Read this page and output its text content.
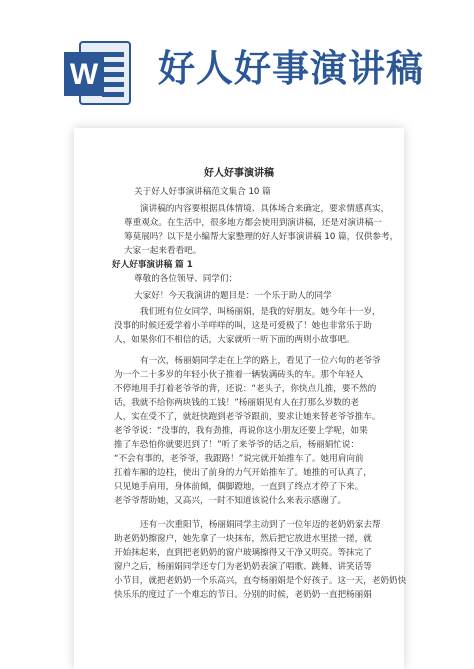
W 好人好事演讲稿
好人好事演讲稿
关于好人好事演讲稿范文集合 10 篇
演讲稿的内容要根据具体情境、具体场合来确定，要求情感真实，
尊重观众。在生活中，很多地方都会使用到演讲稿，还是对演讲稿一
筹莫展吗？以下是小编帮大家整理的好人好事演讲稿 10 篇，仅供参考，
大家一起来看看吧。
好人好事演讲稿 篇 1
尊敬的各位领导、同学们：
大家好！今天我演讲的题目是：一个乐于助人的同学
我们班有位女同学，叫杨丽娟，是我的好朋友。她今年十一岁，
没事的时候还爱学着小羊咩咩的叫，这是可爱极了！她也非常乐于助
人，如果你们不相信的话，大家就听一听下面的两则小故事吧。
有一次，杨丽娟同学走在上学的路上，看见了一位六旬的老爷爷
为一个二十多岁的年轻小伙子推着一辆装满砖头的车。那个年轻人
不停地用手打着老爷爷的背，还说：“老头子，你快点儿推，要不然的
话，我就不给你两块钱的工钱！”杨丽娟见有人在打那么岁数的老
人，实在受不了，就赶快跑到老爷爷跟前，要求让她来替老爷爷推车。
老爷爷说：“没事的，我有劲推，再说你这小朋友还要上学呢，如果
推了车恐怕你就要迟到了！”听了来爷爷的话之后，杨丽娟忙说：
“不会有事的，老爷爷，我跟路！”说完就开始推车了。她用肩向前
扛着车厢的边柱，使出了前身的力气开始推车了。她推的可认真了，
只见她手肩用，身体前倾，偶脚蹬地，一直到了终点才停了下来。
老爷爷帮助她，又高兴，一时不知道该说什么来表示感谢了。
还有一次重阳节，杨丽娟同学主动到了一位年迈的老奶奶家去帮
助老奶奶擦窗户，她先拿了一块抹布，然后把它放进水里搓一搓，就
开始抹起来，直到把老奶奶的窗户玻璃擦得又干净又明亮。等抹完了
窗户之后，杨丽娟同学还专门为老奶奶表演了唱歌、跳舞、讲笑话等
小节目，就把老奶奶一个乐高兴，直夸杨丽娟是个好孩子。这一天，老奶奶快
快乐乐的度过了一个难忘的节日。分别的时候，老奶奶一直把杨丽娟
